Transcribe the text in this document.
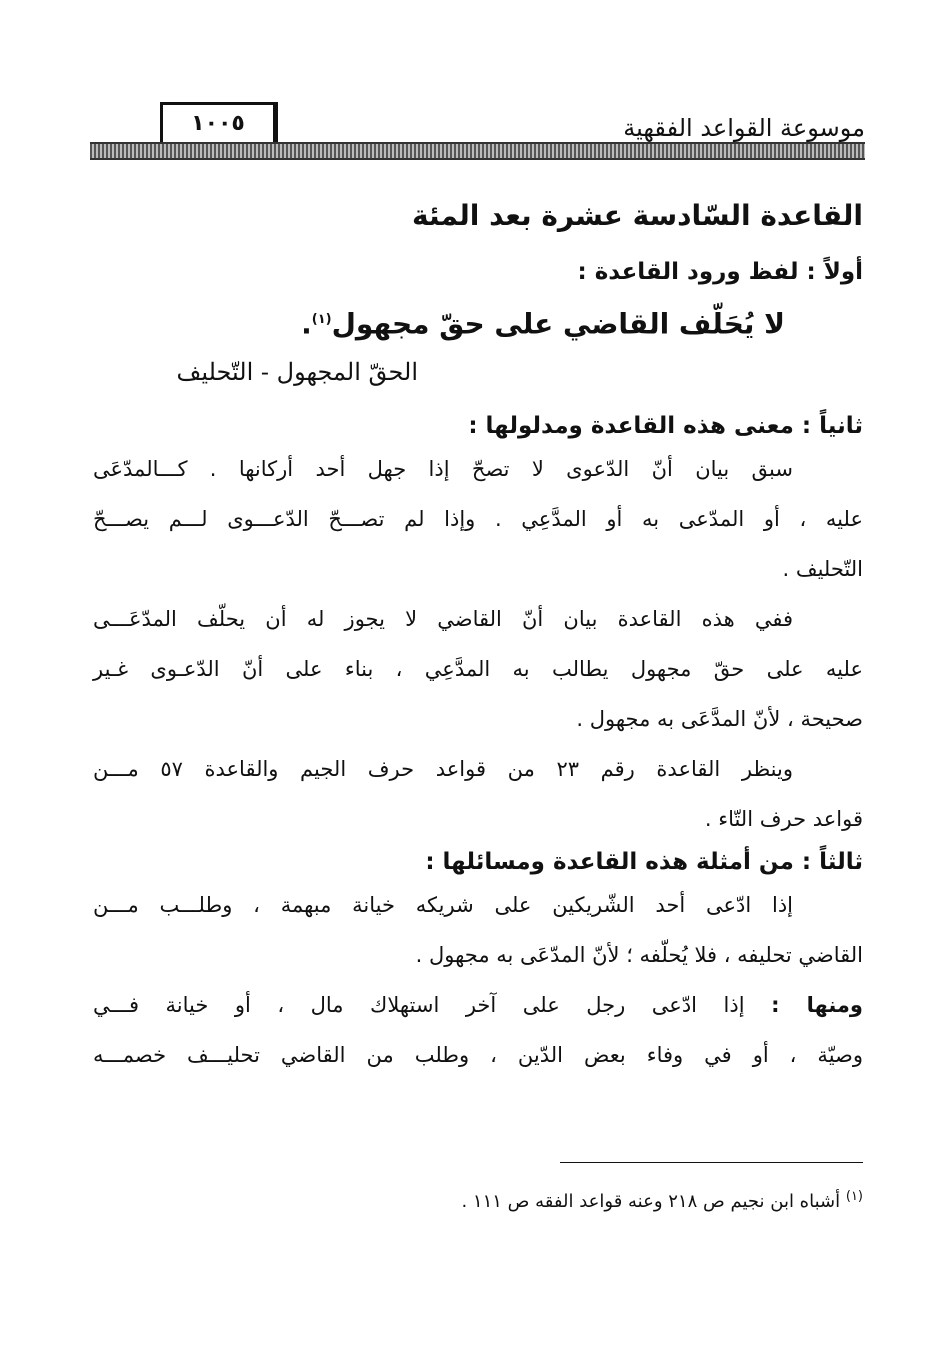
موسوعة القواعد الفقهية
١٠٠٥

القاعدة السّادسة عشرة بعد المئة

أولاً : لفظ ورود القاعدة :

لا يُحَلّف القاضي على حقّ مجهول$^{(١)}$.

الحقّ المجهول - التّحليف

ثانياً : معنى هذه القاعدة ومدلولها :

سبق بيان أنّ الدّعوى لا تصحّ إذا جهل أحد أركانها . كـــالمدّعَى

عليه ، أو المدّعى به أو المدَّعِي . وإذا لم تصـــحّ الدّعـــوى لـــم يصـــحّ

التّحليف .

ففي هذه القاعدة بيان أنّ القاضي لا يجوز له أن يحلّف المدّعَـــى

عليه على حقّ مجهول يطالب به المدَّعِي ، بناء على أنّ الدّعـوى غـير

صحيحة ، لأنّ المدَّعَى به مجهول .

وينظر القاعدة رقم ٢٣ من قواعد حرف الجيم والقاعدة ٥٧ مـــن

قواعد حرف التّاء .

ثالثاً : من أمثلة هذه القاعدة ومسائلها :

إذا ادّعى أحد الشّريكين على شريكه خيانة مبهمة ، وطلـــب مـــن

القاضي تحليفه ، فلا يُحلّفه ؛ لأنّ المدّعَى به مجهول .

ومنها : إذا ادّعى رجل على آخر استهلاك مال ، أو خيانة فـــي

وصيّة ، أو في وفاء بعض الدّين ، وطلب من القاضي تحليـــف خصمـــه

$^{(١)}$ أشباه ابن نجيم ص ٢١٨ وعنه قواعد الفقه ص ١١١ .
